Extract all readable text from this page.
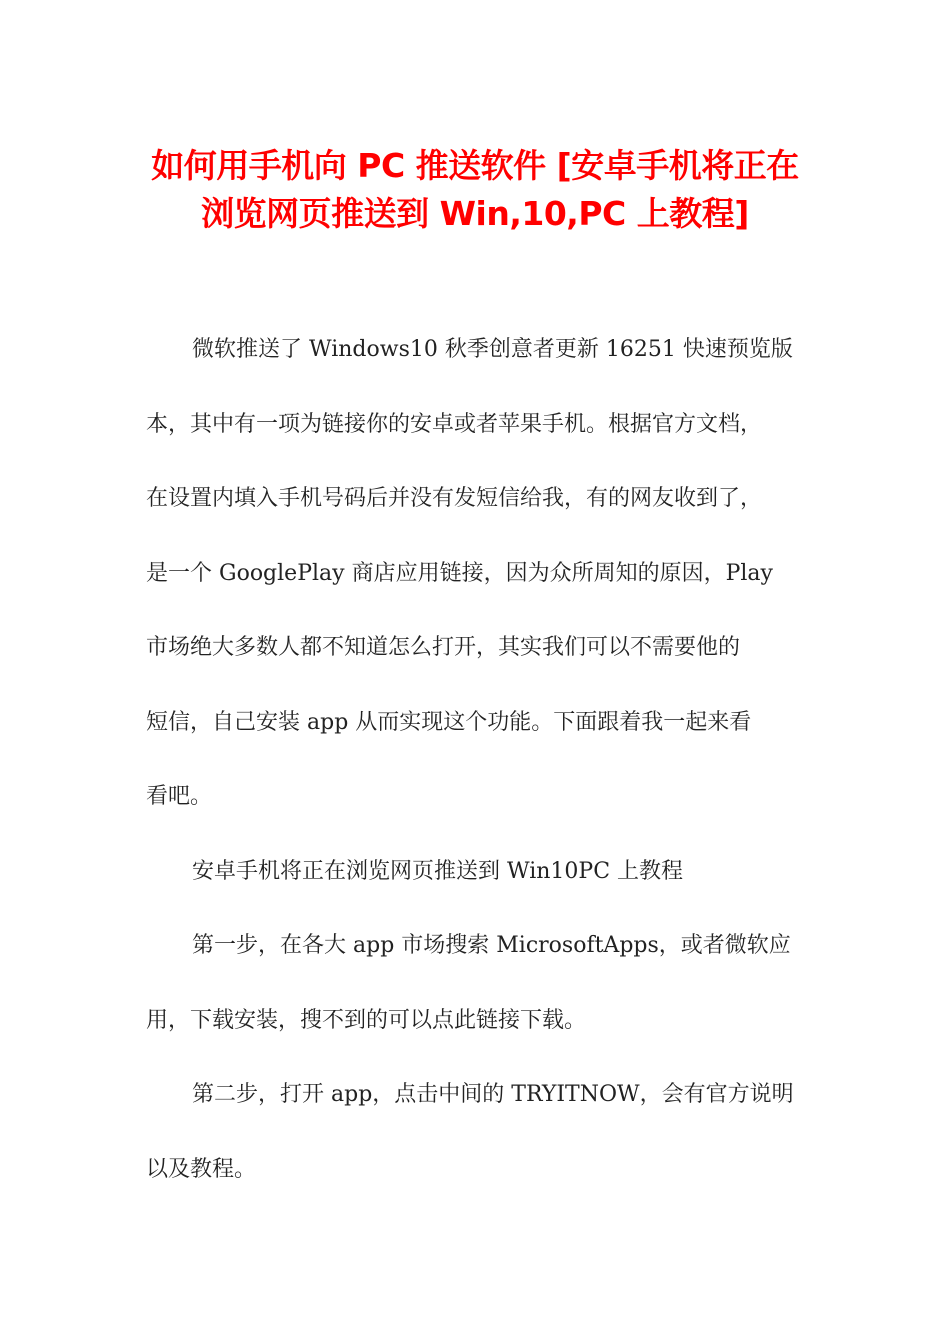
如何用手机向 PC 推送软件 [安卓手机将正在
浏览网页推送到 Win,10,PC 上教程]
微软推送了 Windows10 秋季创意者更新 16251 快速预览版
本，其中有一项为链接你的安卓或者苹果手机。根据官方文档，
在设置内填入手机号码后并没有发短信给我，有的网友收到了，
是一个 GooglePlay 商店应用链接，因为众所周知的原因，Play
市场绝大多数人都不知道怎么打开，其实我们可以不需要他的
短信，自己安装 app 从而实现这个功能。下面跟着我一起来看
看吧。
安卓手机将正在浏览网页推送到 Win10PC 上教程
第一步，在各大 app 市场搜索 MicrosoftApps，或者微软应
用，下载安装，搜不到的可以点此链接下载。
第二步，打开 app，点击中间的 TRYITNOW，会有官方说明
以及教程。
